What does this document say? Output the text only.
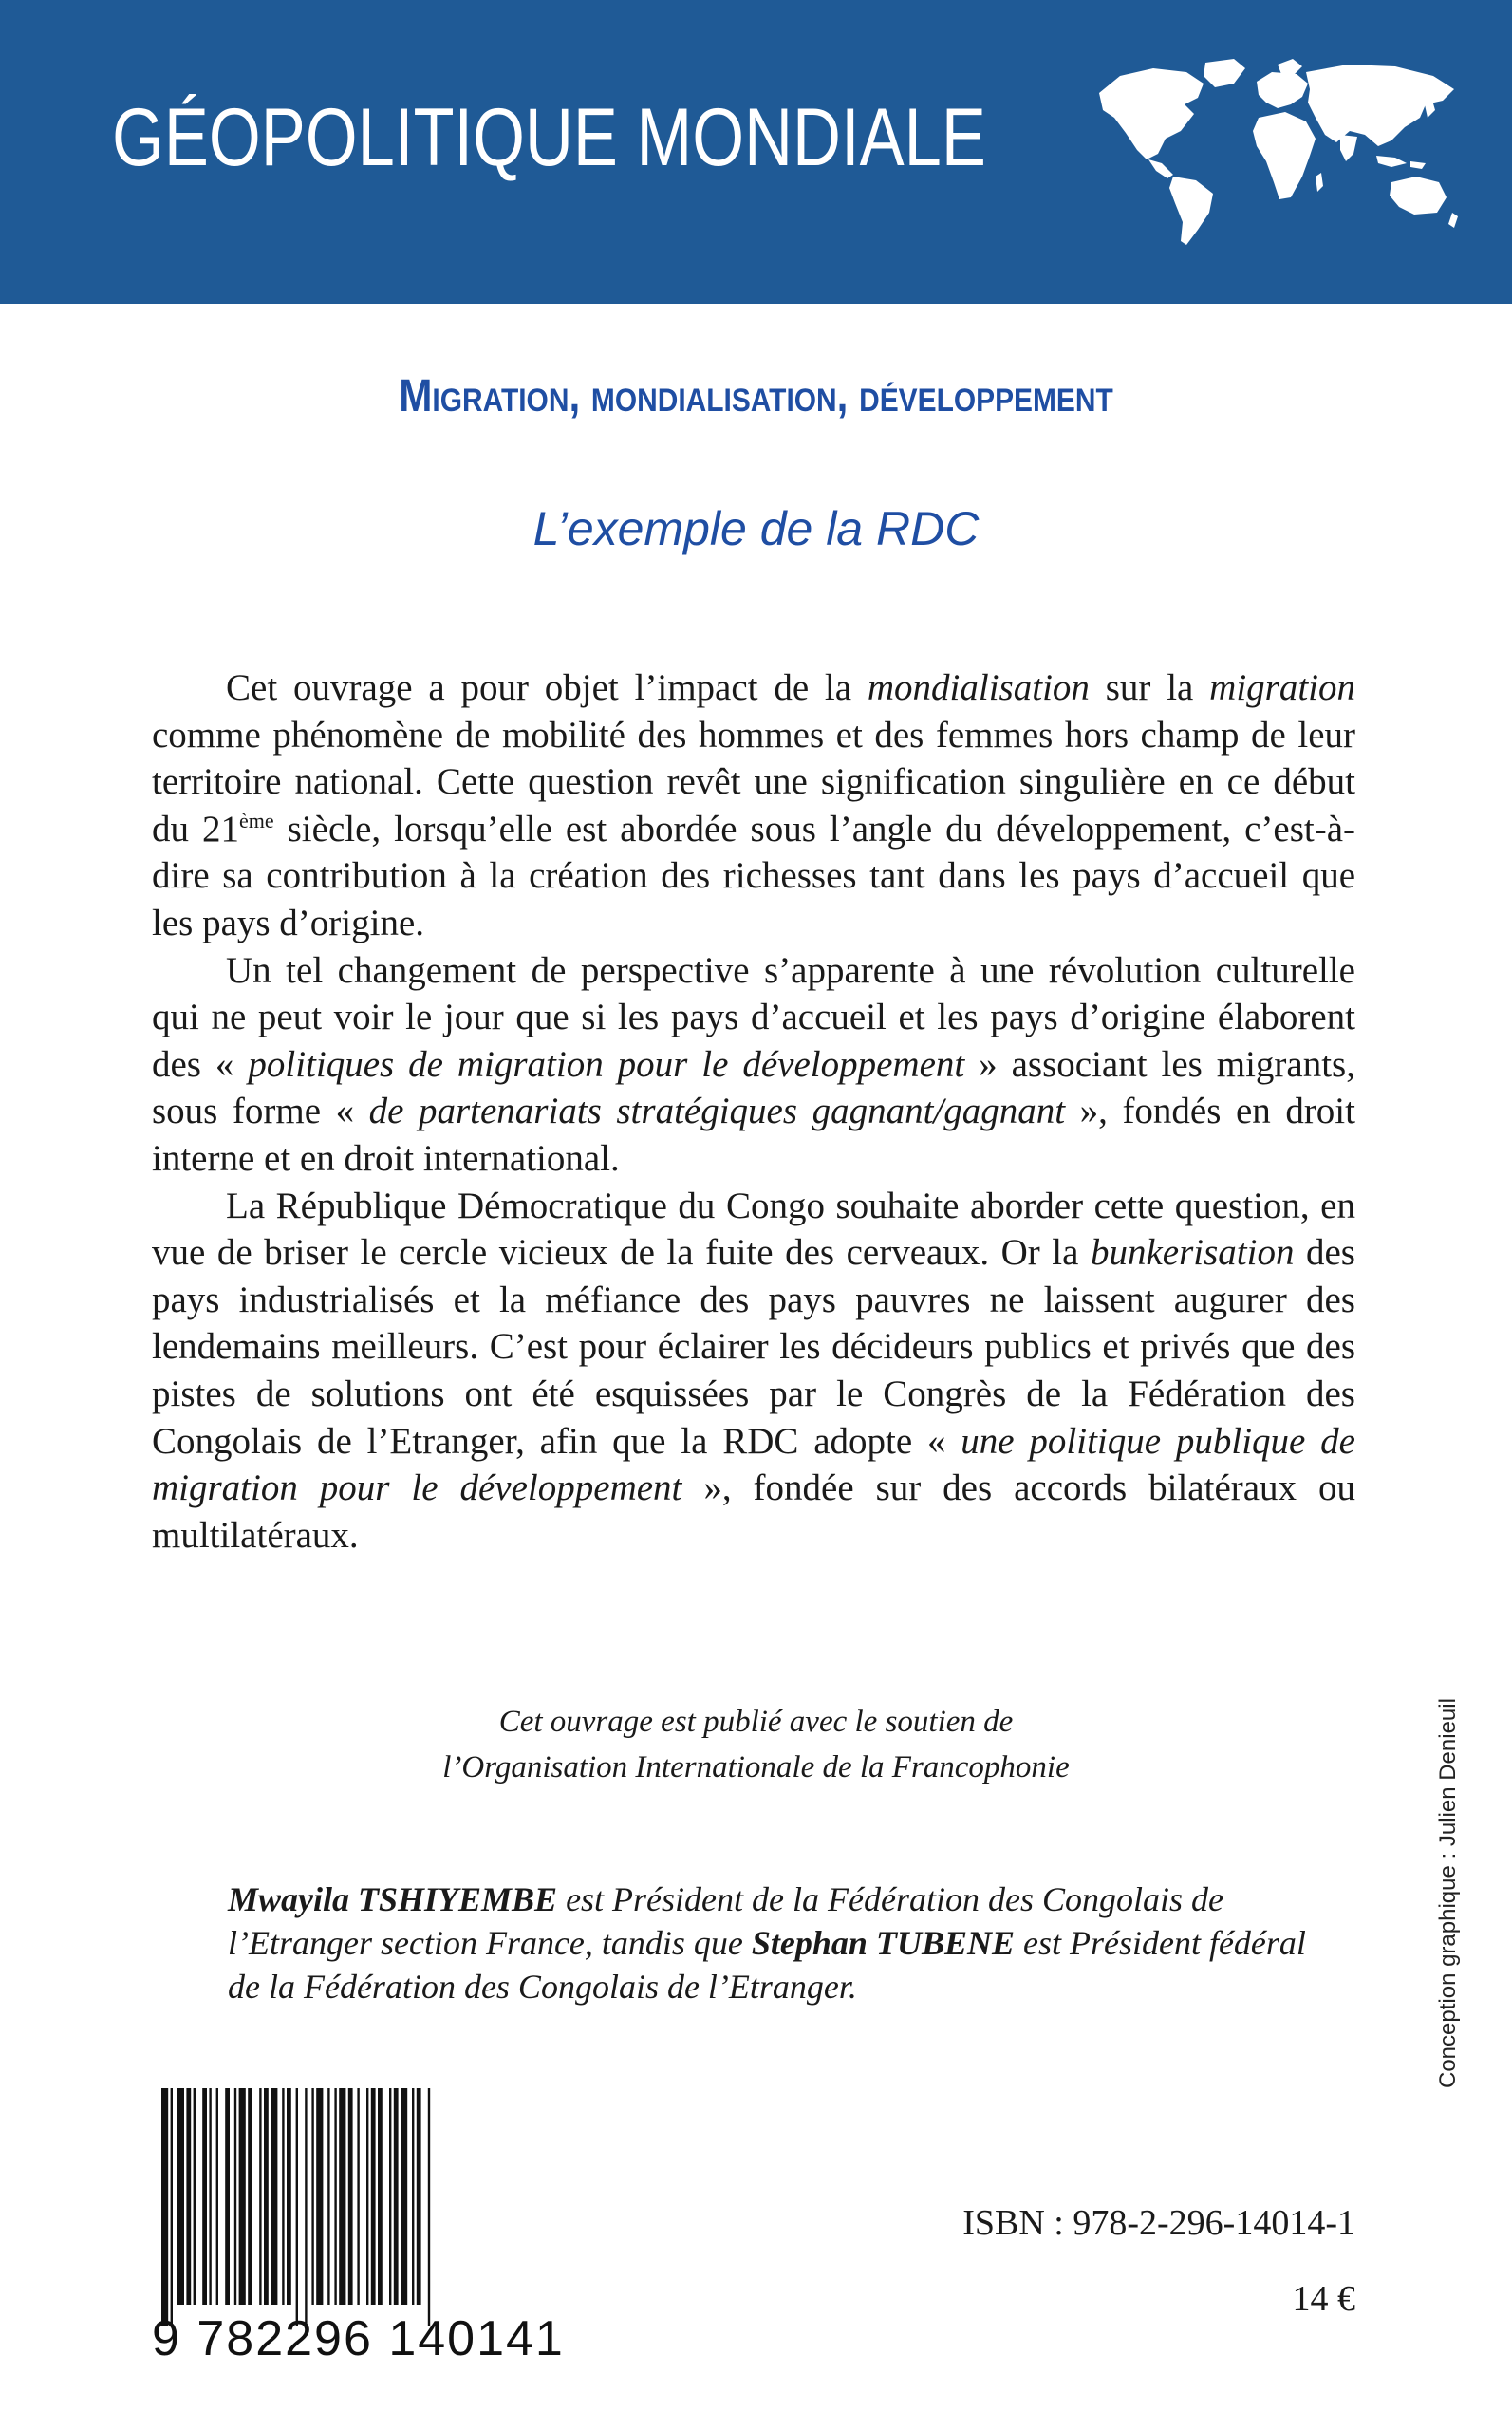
GÉOPOLITIQUE MONDIALE
Migration, mondialisation, développement
L’exemple de la RDC

Cet ouvrage a pour objet l’impact de la mondialisation sur la migration comme phénomène de mobilité des hommes et des femmes hors champ de leur territoire national. Cette question revêt une signification singulière en ce début du 21ème siècle, lorsqu’elle est abordée sous l’angle du développement, c’est-à-dire sa contribution à la création des richesses tant dans les pays d’accueil que les pays d’origine.

Un tel changement de perspective s’apparente à une révolution culturelle qui ne peut voir le jour que si les pays d’accueil et les pays d’origine élaborent des « politiques de migration pour le développement » associant les migrants, sous forme « de partenariats stratégiques gagnant/gagnant », fondés en droit interne et en droit international.

La République Démocratique du Congo souhaite aborder cette question, en vue de briser le cercle vicieux de la fuite des cerveaux. Or la bunkerisation des pays industrialisés et la méfiance des pays pauvres ne laissent augurer des lendemains meilleurs. C’est pour éclairer les décideurs publics et privés que des pistes de solutions ont été esquissées par le Congrès de la Fédération des Congolais de l’Etranger, afin que la RDC adopte « une politique publique de migration pour le développement », fondée sur des accords bilatéraux ou multilatéraux.

Cet ouvrage est publié avec le soutien de
l’Organisation Internationale de la Francophonie
Mwayila TSHIYEMBE est Président de la Fédération des Congolais de l’Etranger section France, tandis que Stephan TUBENE est Président fédéral de la Fédération des Congolais de l’Etranger.	Conception graphique : Julien Denieuil
9 782296 140141
ISBN : 978-2-296-14014-1
14 €
